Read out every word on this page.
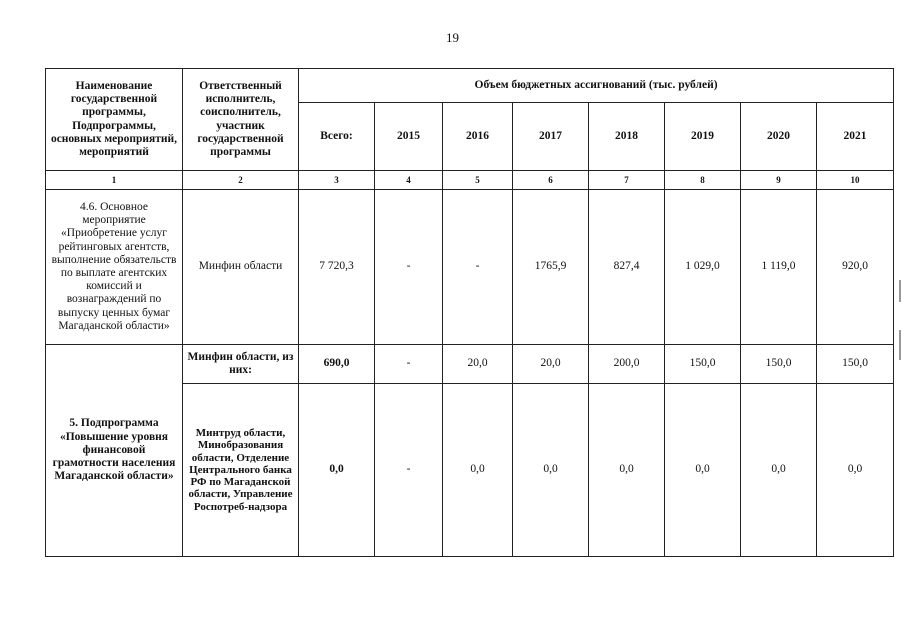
19
Наименование государственной программы, Подпрограммы, основных мероприятий, мероприятий	Ответственный исполнитель, соисполнитель, участник государственной программы	Объем бюджетных ассигнований (тыс. рублей)							
		Всего:	2015	2016	2017	2018	2019	2020	2021
1	2	3	4	5	6	7	8	9	10
4.6. Основное мероприятие «Приобретение услуг рейтинговых агентств, выполнение обязательств по выплате агентских комиссий и вознаграждений по выпуску ценных бумаг Магаданской области»	Минфин области	7 720,3	-	-	1765,9	827,4	1 029,0	1 119,0	920,0
5. Подпрограмма «Повышение уровня финансовой грамотности населения Магаданской области»	Минфин области, из них:	690,0	-	20,0	20,0	200,0	150,0	150,0	150,0
	Минтруд области, Минобразования области, Отделение Центрального банка РФ по Магаданской области, Управление Роспотреб-надзора	0,0	-	0,0	0,0	0,0	0,0	0,0	0,0
